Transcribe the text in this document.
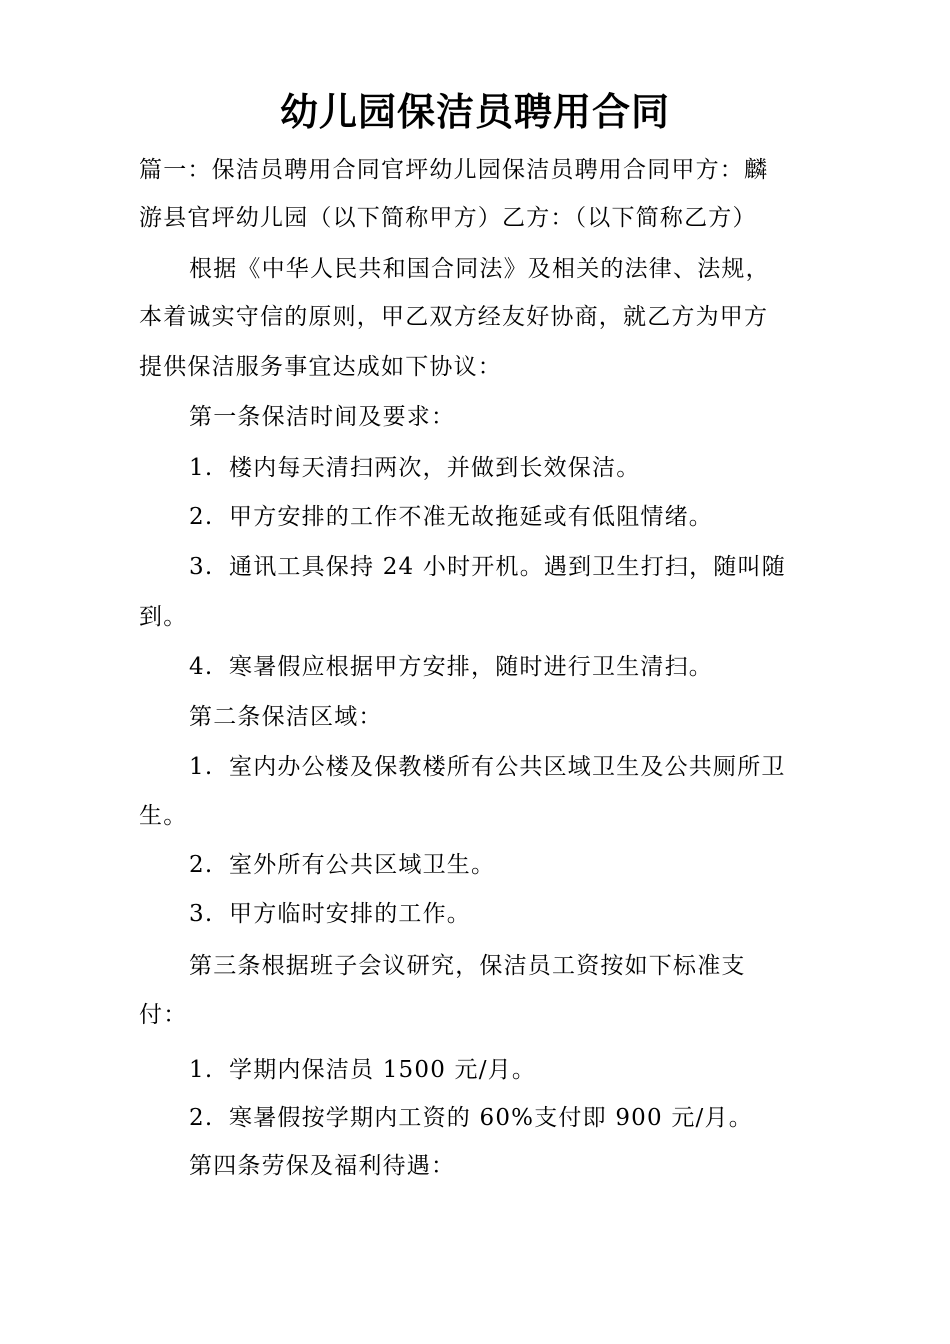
幼儿园保洁员聘用合同
篇一：保洁员聘用合同官坪幼儿园保洁员聘用合同甲方：麟
游县官坪幼儿园（以下简称甲方）乙方：（以下简称乙方）
根据《中华人民共和国合同法》及相关的法律、法规，
本着诚实守信的原则，甲乙双方经友好协商，就乙方为甲方
提供保洁服务事宜达成如下协议：
第一条保洁时间及要求：
1. 楼内每天清扫两次，并做到长效保洁。
2. 甲方安排的工作不准无故拖延或有低阻情绪。
3. 通讯工具保持 24 小时开机。遇到卫生打扫，随叫随
到。
4. 寒暑假应根据甲方安排，随时进行卫生清扫。
第二条保洁区域：
1. 室内办公楼及保教楼所有公共区域卫生及公共厕所卫
生。
2. 室外所有公共区域卫生。
3. 甲方临时安排的工作。
第三条根据班子会议研究，保洁员工资按如下标准支
付：
1. 学期内保洁员 1500 元/月。
2. 寒暑假按学期内工资的 60%支付即 900 元/月。
第四条劳保及福利待遇：
